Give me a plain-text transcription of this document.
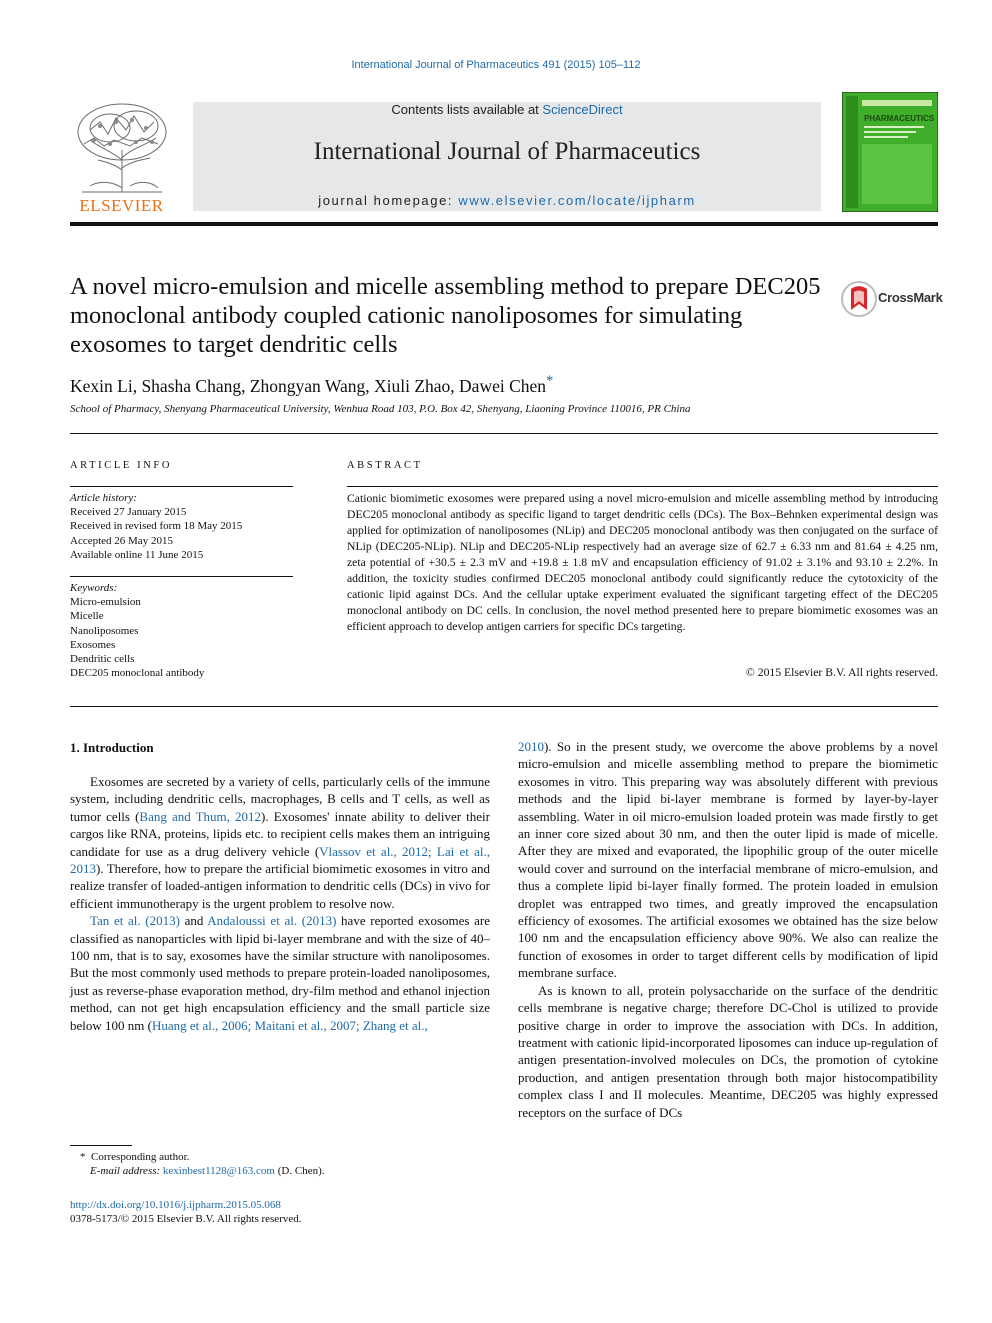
International Journal of Pharmaceutics 491 (2015) 105–112
ELSEVIER
Contents lists available at ScienceDirect
International Journal of Pharmaceutics
journal homepage: www.elsevier.com/locate/ijpharm
PHARMACEUTICS
A novel micro-emulsion and micelle assembling method to prepare DEC205 monoclonal antibody coupled cationic nanoliposomes for simulating exosomes to target dendritic cells
CrossMark
Kexin Li, Shasha Chang, Zhongyan Wang, Xiuli Zhao, Dawei Chen*
School of Pharmacy, Shenyang Pharmaceutical University, Wenhua Road 103, P.O. Box 42, Shenyang, Liaoning Province 110016, PR China
ARTICLE INFO	ABSTRACT
Article history:
Received 27 January 2015
Received in revised form 18 May 2015
Accepted 26 May 2015
Available online 11 June 2015
Keywords:
Micro-emulsion
Micelle
Nanoliposomes
Exosomes
Dendritic cells
DEC205 monoclonal antibody
Cationic biomimetic exosomes were prepared using a novel micro-emulsion and micelle assembling method by introducing DEC205 monoclonal antibody as specific ligand to target dendritic cells (DCs). The Box–Behnken experimental design was applied for optimization of nanoliposomes (NLip) and DEC205 monoclonal antibody was then conjugated on the surface of NLip (DEC205-NLip). NLip and DEC205-NLip respectively had an average size of 62.7 ± 6.33 nm and 81.64 ± 4.25 nm, zeta potential of +30.5 ± 2.3 mV and +19.8 ± 1.8 mV and encapsulation efficiency of 91.02 ± 3.1% and 93.10 ± 2.2%. In addition, the toxicity studies confirmed DEC205 monoclonal antibody could significantly reduce the cytotoxicity of the cationic lipid against DCs. And the cellular uptake experiment evaluated the significant targeting effect of the DEC205 monoclonal antibody on DC cells. In conclusion, the novel method presented here to prepare biomimetic exosomes was an efficient approach to develop antigen carriers for specific DCs targeting.
© 2015 Elsevier B.V. All rights reserved.
1. Introduction

Exosomes are secreted by a variety of cells, particularly cells of the immune system, including dendritic cells, macrophages, B cells and T cells, as well as tumor cells (Bang and Thum, 2012). Exosomes' innate ability to deliver their cargos like RNA, proteins, lipids etc. to recipient cells makes them an intriguing candidate for use as a drug delivery vehicle (Vlassov et al., 2012; Lai et al., 2013). Therefore, how to prepare the artificial biomimetic exosomes in vitro and realize transfer of loaded-antigen information to dendritic cells (DCs) in vivo for efficient immunotherapy is the urgent problem to resolve now.

Tan et al. (2013) and Andaloussi et al. (2013) have reported exosomes are classified as nanoparticles with lipid bi-layer membrane and with the size of 40–100 nm, that is to say, exosomes have the similar structure with nanoliposomes. But the most commonly used methods to prepare protein-loaded nanoliposomes, just as reverse-phase evaporation method, dry-film method and ethanol injection method, can not get high encapsulation efficiency and the small particle size below 100 nm (Huang et al., 2006; Maitani et al., 2007; Zhang et al.,

2010). So in the present study, we overcome the above problems by a novel micro-emulsion and micelle assembling method to prepare the biomimetic exosomes in vitro. This preparing way was absolutely different with previous methods and the lipid bi-layer membrane is formed by layer-by-layer assembling. Water in oil micro-emulsion loaded protein was made firstly to get an inner core sized about 30 nm, and then the outer lipid is made of micelle. After they are mixed and evaporated, the lipophilic group of the outer micelle would cover and surround on the interfacial membrane of micro-emulsion, and thus a complete lipid bi-layer finally formed. The protein loaded in emulsion droplet was entrapped two times, and greatly improved the encapsulation efficiency of exosomes. The artificial exosomes we obtained has the size below 100 nm and the encapsulation efficiency above 90%. We also can realize the function of exosomes in order to target different cells by modification of lipid membrane surface.

As is known to all, protein polysaccharide on the surface of the dendritic cells membrane is negative charge; therefore DC-Chol is utilized to provide positive charge in order to improve the association with DCs. In addition, treatment with cationic lipid-incorporated liposomes can induce up-regulation of antigen presentation-involved molecules on DCs, the promotion of cytokine production, and antigen presentation through both major histocompatibility complex class I and II molecules. Meantime, DEC205 was highly expressed receptors on the surface of DCs

* Corresponding author.
E-mail address: kexinbest1128@163.com (D. Chen).
http://dx.doi.org/10.1016/j.ijpharm.2015.05.068
0378-5173/© 2015 Elsevier B.V. All rights reserved.
